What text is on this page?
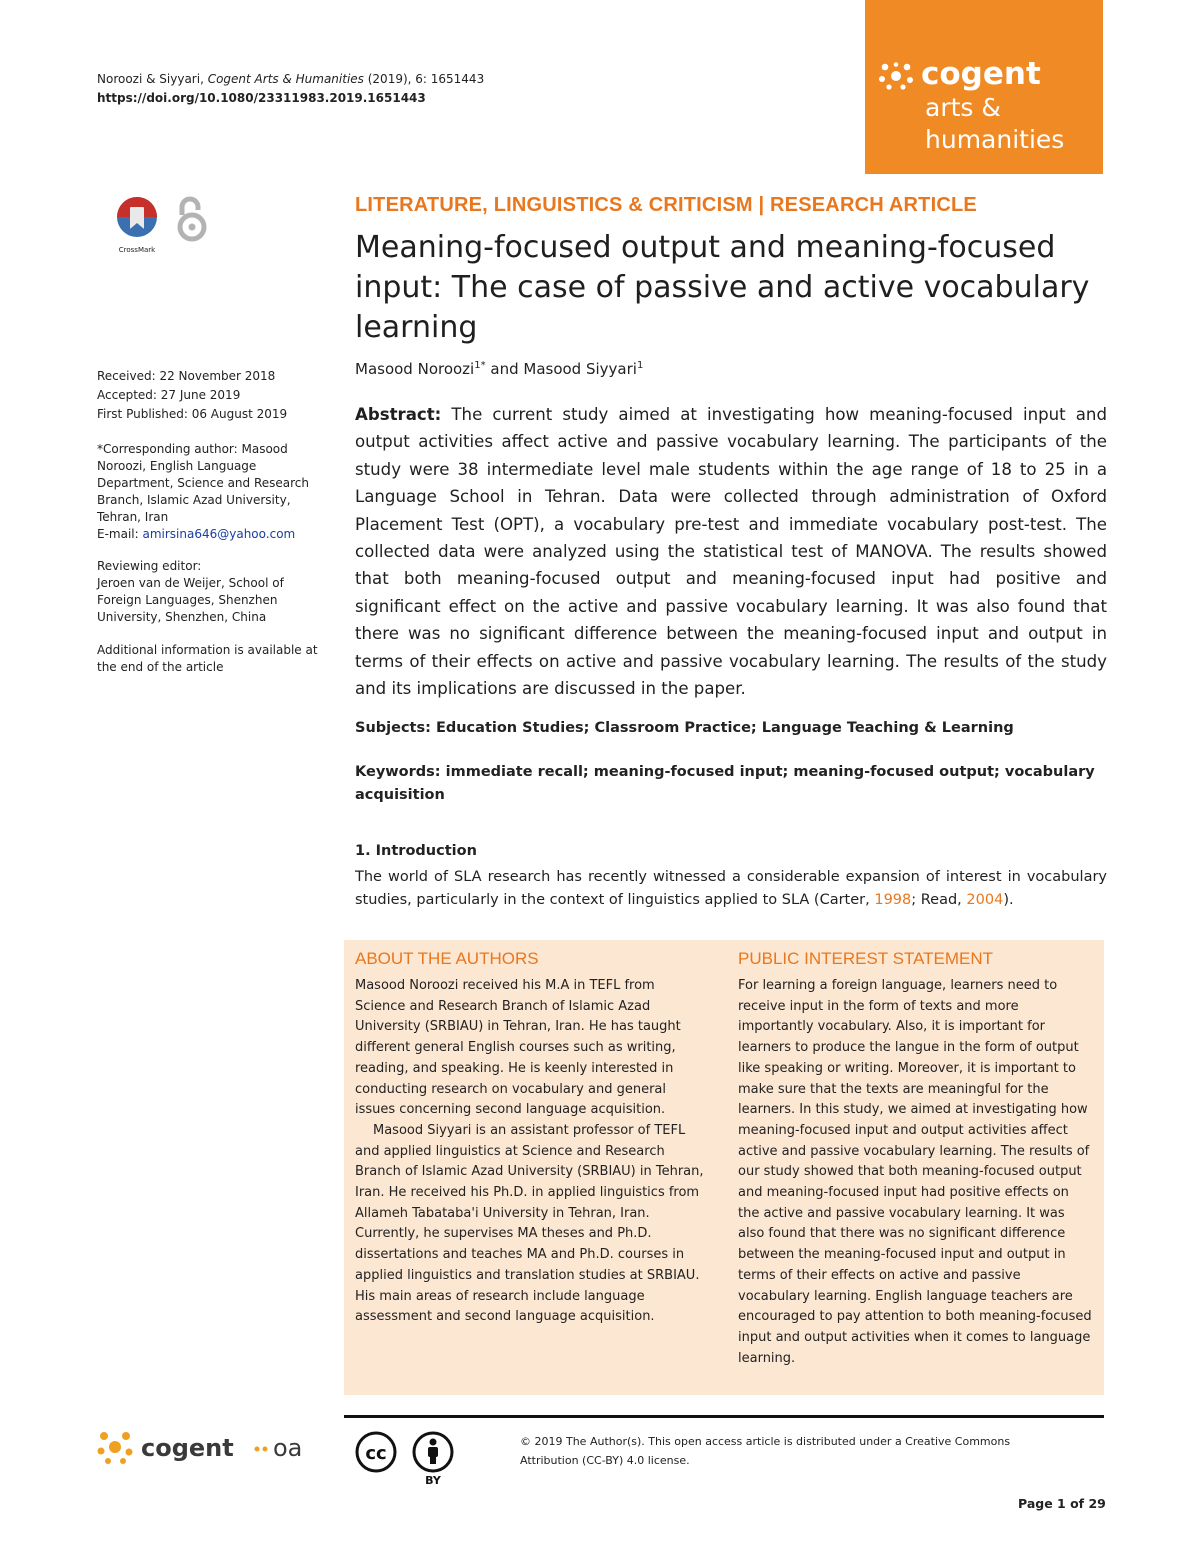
Noroozi & Siyyari, Cogent Arts & Humanities (2019), 6: 1651443
https://doi.org/10.1080/23311983.2019.1651443
cogent
arts &
humanities
CrossMark

Received: 22 November 2018

Accepted: 27 June 2019

First Published: 06 August 2019

*Corresponding author: Masood Noroozi, English Language Department, Science and Research Branch, Islamic Azad University, Tehran, Iran

E-mail: amirsina646@yahoo.com

Reviewing editor:

Jeroen van de Weijer, School of Foreign Languages, Shenzhen University, Shenzhen, China

Additional information is available at the end of the article
LITERATURE, LINGUISTICS & CRITICISM | RESEARCH ARTICLE
Meaning-focused output and meaning-focused input: The case of passive and active vocabulary learning
Masood Noroozi$^{1*}$ and Masood Siyyari$^1$

Abstract: The current study aimed at investigating how meaning-focused input and output activities affect active and passive vocabulary learning. The participants of the study were 38 intermediate level male students within the age range of 18 to 25 in a Language School in Tehran. Data were collected through administration of Oxford Placement Test (OPT), a vocabulary pre-test and immediate vocabulary post-test. The collected data were analyzed using the statistical test of MANOVA. The results showed that both meaning-focused output and meaning-focused input had positive and significant effect on the active and passive vocabulary learning. It was also found that there was no significant difference between the meaning-focused input and output in terms of their effects on active and passive vocabulary learning. The results of the study and its implications are discussed in the paper.

Subjects: Education Studies; Classroom Practice; Language Teaching & Learning

Keywords: immediate recall; meaning-focused input; meaning-focused output; vocabulary acquisition

1. Introduction

The world of SLA research has recently witnessed a considerable expansion of interest in vocabulary studies, particularly in the context of linguistics applied to SLA (Carter, 1998; Read, 2004).

ABOUT THE AUTHORS

Masood Noroozi received his M.A in TEFL from Science and Research Branch of Islamic Azad University (SRBIAU) in Tehran, Iran. He has taught different general English courses such as writing, reading, and speaking. He is keenly interested in conducting research on vocabulary and general issues concerning second language acquisition.

Masood Siyyari is an assistant professor of TEFL and applied linguistics at Science and Research Branch of Islamic Azad University (SRBIAU) in Tehran, Iran. He received his Ph.D. in applied linguistics from Allameh Tabataba'i University in Tehran, Iran. Currently, he supervises MA theses and Ph.D. dissertations and teaches MA and Ph.D. courses in applied linguistics and translation studies at SRBIAU. His main areas of research include language assessment and second language acquisition.

PUBLIC INTEREST STATEMENT

For learning a foreign language, learners need to receive input in the form of texts and more importantly vocabulary. Also, it is important for learners to produce the langue in the form of output like speaking or writing. Moreover, it is important to make sure that the texts are meaningful for the learners. In this study, we aimed at investigating how meaning-focused input and output activities affect active and passive vocabulary learning. The results of our study showed that both meaning-focused output and meaning-focused input had positive effects on the active and passive vocabulary learning. It was also found that there was no significant difference between the meaning-focused input and output in terms of their effects on active and passive vocabulary learning. English language teachers are encouraged to pay attention to both meaning-focused input and output activities when it comes to language learning.

cogent oa	cc
BY
© 2019 The Author(s). This open access article is distributed under a Creative Commons Attribution (CC-BY) 4.0 license.
Page 1 of 29
